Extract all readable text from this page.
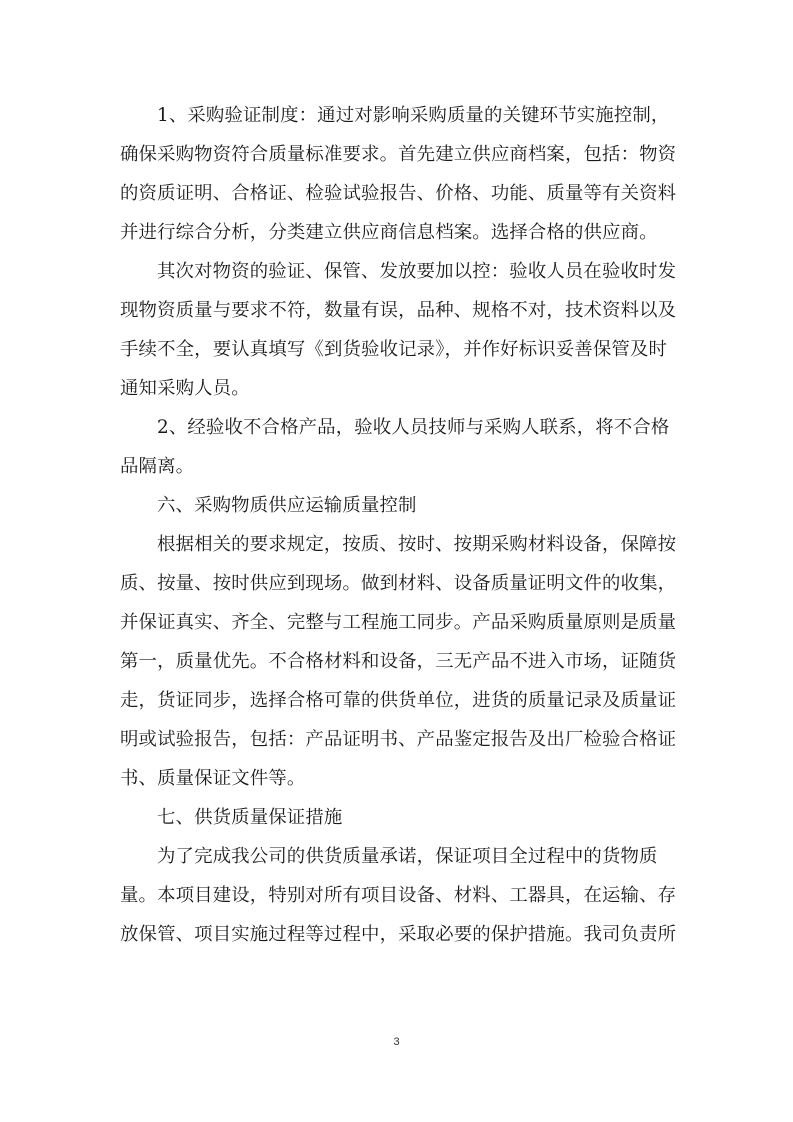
1、采购验证制度：通过对影响采购质量的关键环节实施控制，
确保采购物资符合质量标准要求。首先建立供应商档案，包括：物资
的资质证明、合格证、检验试验报告、价格、功能、质量等有关资料
并进行综合分析，分类建立供应商信息档案。选择合格的供应商。
其次对物资的验证、保管、发放要加以控：验收人员在验收时发
现物资质量与要求不符，数量有误，品种、规格不对，技术资料以及
手续不全，要认真填写《到货验收记录》，并作好标识妥善保管及时
通知采购人员。
2、经验收不合格产品，验收人员技师与采购人联系，将不合格
品隔离。
六、采购物质供应运输质量控制
根据相关的要求规定，按质、按时、按期采购材料设备，保障按
质、按量、按时供应到现场。做到材料、设备质量证明文件的收集，
并保证真实、齐全、完整与工程施工同步。产品采购质量原则是质量
第一，质量优先。不合格材料和设备，三无产品不进入市场，证随货
走，货证同步，选择合格可靠的供货单位，进货的质量记录及质量证
明或试验报告，包括：产品证明书、产品鉴定报告及出厂检验合格证
书、质量保证文件等。
七、供货质量保证措施
为了完成我公司的供货质量承诺，保证项目全过程中的货物质
量。本项目建设，特别对所有项目设备、材料、工器具，在运输、存
放保管、项目实施过程等过程中，采取必要的保护措施。我司负责所
3
